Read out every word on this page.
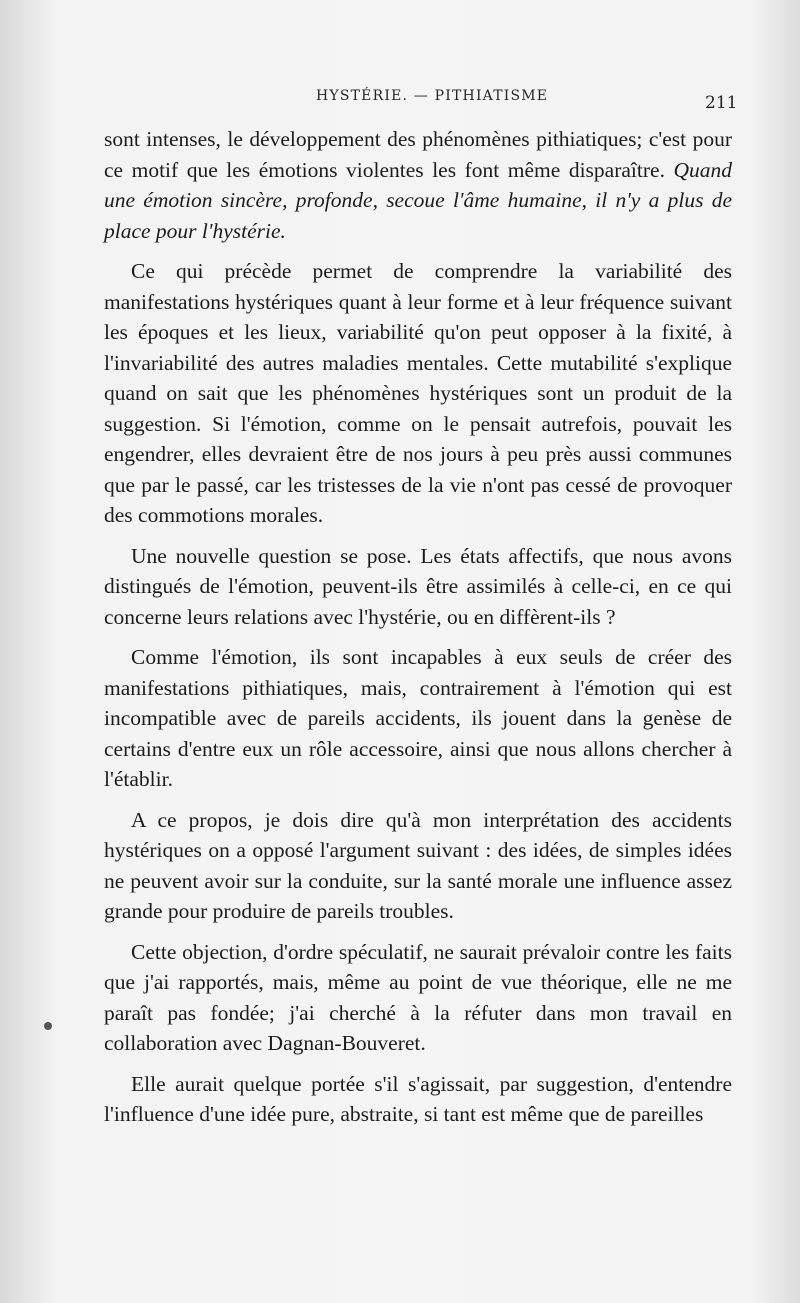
HYSTÉRIE. — PITHIATISME	211

sont intenses, le développement des phénomènes pithiatiques; c'est pour ce motif que les émotions violentes les font même disparaître. Quand une émotion sincère, profonde, secoue l'âme humaine, il n'y a plus de place pour l'hystérie.

Ce qui précède permet de comprendre la variabilité des manifestations hystériques quant à leur forme et à leur fréquence suivant les époques et les lieux, variabilité qu'on peut opposer à la fixité, à l'invariabilité des autres maladies mentales. Cette mutabilité s'explique quand on sait que les phénomènes hystériques sont un produit de la suggestion. Si l'émotion, comme on le pensait autrefois, pouvait les engendrer, elles devraient être de nos jours à peu près aussi communes que par le passé, car les tristesses de la vie n'ont pas cessé de provoquer des commotions morales.

Une nouvelle question se pose. Les états affectifs, que nous avons distingués de l'émotion, peuvent-ils être assimilés à celle-ci, en ce qui concerne leurs relations avec l'hystérie, ou en diffèrent-ils ?

Comme l'émotion, ils sont incapables à eux seuls de créer des manifestations pithiatiques, mais, contrairement à l'émotion qui est incompatible avec de pareils accidents, ils jouent dans la genèse de certains d'entre eux un rôle accessoire, ainsi que nous allons chercher à l'établir.

A ce propos, je dois dire qu'à mon interprétation des accidents hystériques on a opposé l'argument suivant : des idées, de simples idées ne peuvent avoir sur la conduite, sur la santé morale une influence assez grande pour produire de pareils troubles.

Cette objection, d'ordre spéculatif, ne saurait prévaloir contre les faits que j'ai rapportés, mais, même au point de vue théorique, elle ne me paraît pas fondée; j'ai cherché à la réfuter dans mon travail en collaboration avec Dagnan-Bouveret.

Elle aurait quelque portée s'il s'agissait, par suggestion, d'entendre l'influence d'une idée pure, abstraite, si tant est même que de pareilles
